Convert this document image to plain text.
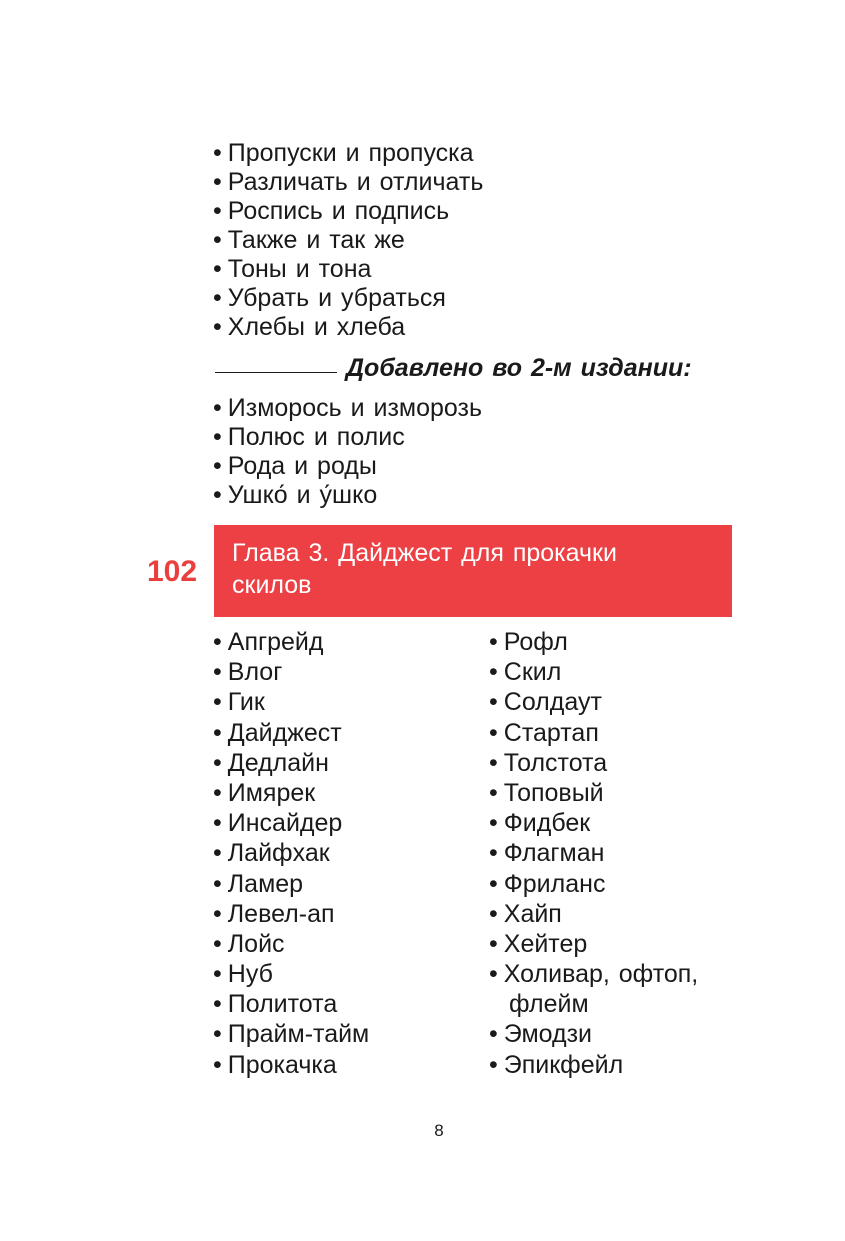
• Пропуски и пропуска
• Различать и отличать
• Роспись и подпись
• Также и так же
• Тоны и тона
• Убрать и убраться
• Хлебы и хлеба
Добавлено во 2-м издании:
• Изморось и изморозь
• Полюс и полис
• Рода и роды
• Ушко́ и у́шко
102
Глава 3. Дайджест для прокачки скилов
• Апгрейд
• Влог
• Гик
• Дайджест
• Дедлайн
• Имярек
• Инсайдер
• Лайфхак
• Ламер
• Левел-ап
• Лойс
• Нуб
• Политота
• Прайм-тайм
• Прокачка
• Рофл
• Скил
• Солдаут
• Стартап
• Толстота
• Топовый
• Фидбек
• Флагман
• Фриланс
• Хайп
• Хейтер
• Холивар, офтоп,
флейм
• Эмодзи
• Эпикфейл
8
